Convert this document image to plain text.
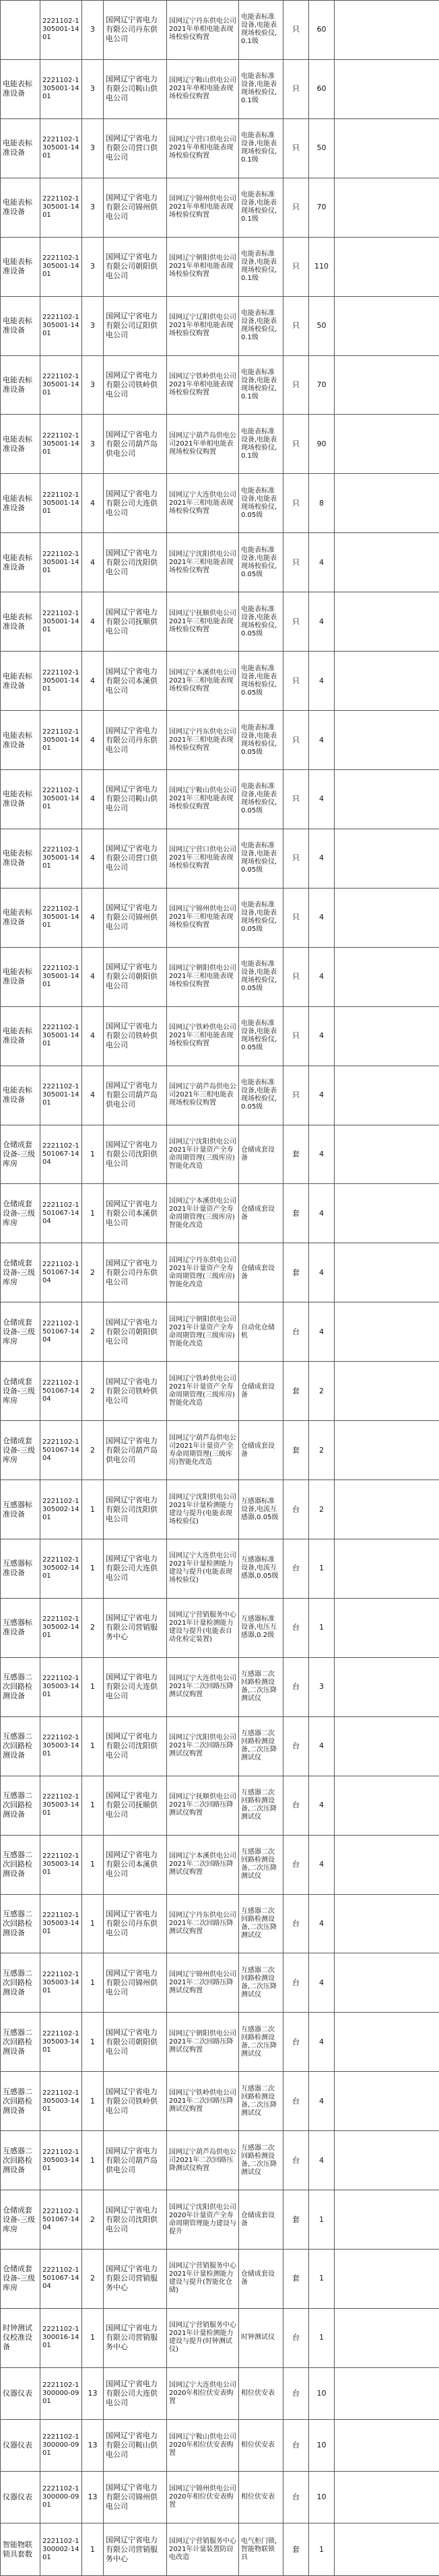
	2221102-1305001-1401	3	国网辽宁省电力有限公司丹东供电公司	国网辽宁丹东供电公司2021年单相电能表现场校验仪购置	电能表标准设备,电能表现场校验仪,0.1级	只	60	
电能表标准设备	2221102-1305001-1401	3	国网辽宁省电力有限公司鞍山供电公司	国网辽宁鞍山供电公司2021年单相电能表现场校验仪购置	电能表标准设备,电能表现场校验仪,0.1级	只	60	
电能表标准设备	2221102-1305001-1401	3	国网辽宁省电力有限公司营口供电公司	国网辽宁营口供电公司2021年单相电能表现场校验仪购置	电能表标准设备,电能表现场校验仪,0.1级	只	50	
电能表标准设备	2221102-1305001-1401	3	国网辽宁省电力有限公司锦州供电公司	国网辽宁锦州供电公司2021年单相电能表现场校验仪购置	电能表标准设备,电能表现场校验仪,0.1级	只	70	
电能表标准设备	2221102-1305001-1401	3	国网辽宁省电力有限公司朝阳供电公司	国网辽宁朝阳供电公司2021年单相电能表现场校验仪购置	电能表标准设备,电能表现场校验仪,0.1级	只	110	
电能表标准设备	2221102-1305001-1401	3	国网辽宁省电力有限公司辽阳供电公司	国网辽宁辽阳供电公司2021年单相电能表现场校验仪购置	电能表标准设备,电能表现场校验仪,0.1级	只	50	
电能表标准设备	2221102-1305001-1401	3	国网辽宁省电力有限公司铁岭供电公司	国网辽宁铁岭供电公司2021年单相电能表现场校验仪购置	电能表标准设备,电能表现场校验仪,0.1级	只	70	
电能表标准设备	2221102-1305001-1401	3	国网辽宁省电力有限公司葫芦岛供电公司	国网辽宁葫芦岛供电公司2021年单相电能表现场校验仪购置	电能表标准设备,电能表现场校验仪,0.1级	只	90	
电能表标准设备	2221102-1305001-1401	4	国网辽宁省电力有限公司大连供电公司	国网辽宁大连供电公司2021年三相电能表现场校验仪购置	电能表标准设备,电能表现场校验仪,0.05级	只	8	
电能表标准设备	2221102-1305001-1401	4	国网辽宁省电力有限公司沈阳供电公司	国网辽宁沈阳供电公司2021年三相电能表现场校验仪购置	电能表标准设备,电能表现场校验仪,0.05级	只	4	
电能表标准设备	2221102-1305001-1401	4	国网辽宁省电力有限公司抚顺供电公司	国网辽宁抚顺供电公司2021年三相电能表现场校验仪购置	电能表标准设备,电能表现场校验仪,0.05级	只	4	
电能表标准设备	2221102-1305001-1401	4	国网辽宁省电力有限公司本溪供电公司	国网辽宁本溪供电公司2021年三相电能表现场校验仪购置	电能表标准设备,电能表现场校验仪,0.05级	只	4	
电能表标准设备	2221102-1305001-1401	4	国网辽宁省电力有限公司丹东供电公司	国网辽宁丹东供电公司2021年三相电能表现场校验仪购置	电能表标准设备,电能表现场校验仪,0.05级	只	4	
电能表标准设备	2221102-1305001-1401	4	国网辽宁省电力有限公司鞍山供电公司	国网辽宁鞍山供电公司2021年三相电能表现场校验仪购置	电能表标准设备,电能表现场校验仪,0.05级	只	4	
电能表标准设备	2221102-1305001-1401	4	国网辽宁省电力有限公司营口供电公司	国网辽宁营口供电公司2021年三相电能表现场校验仪购置	电能表标准设备,电能表现场校验仪,0.05级	只	4	
电能表标准设备	2221102-1305001-1401	4	国网辽宁省电力有限公司锦州供电公司	国网辽宁锦州供电公司2021年三相电能表现场校验仪购置	电能表标准设备,电能表现场校验仪,0.05级	只	4	
电能表标准设备	2221102-1305001-1401	4	国网辽宁省电力有限公司朝阳供电公司	国网辽宁朝阳供电公司2021年三相电能表现场校验仪购置	电能表标准设备,电能表现场校验仪,0.05级	只	4	
电能表标准设备	2221102-1305001-1401	4	国网辽宁省电力有限公司铁岭供电公司	国网辽宁铁岭供电公司2021年三相电能表现场校验仪购置	电能表标准设备,电能表现场校验仪,0.05级	只	4	
电能表标准设备	2221102-1305001-1401	4	国网辽宁省电力有限公司葫芦岛供电公司	国网辽宁葫芦岛供电公司2021年三相电能表现场校验仪购置	电能表标准设备,电能表现场校验仪,0.05级	只	4	
仓储成套设备-三级库房	2221102-1501067-1404	1	国网辽宁省电力有限公司沈阳供电公司	国网辽宁沈阳供电公司2021年计量资产全寿命周期管理(三级库房)智能化改造	仓储成套设备	套	4	
仓储成套设备-三级库房	2221102-1501067-1404	1	国网辽宁省电力有限公司本溪供电公司	国网辽宁本溪供电公司2021年计量资产全寿命周期管理(三级库房)智能化改造	仓储成套设备	套	4	
仓储成套设备-三级库房	2221102-1501067-1404	2	国网辽宁省电力有限公司丹东供电公司	国网辽宁丹东供电公司2021年计量资产全寿命周期管理(三级库房)智能化改造	仓储成套设备	套	4	
仓储成套设备-三级库房	2221102-1501067-1404	2	国网辽宁省电力有限公司朝阳供电公司	国网辽宁朝阳供电公司2021年计量资产全寿命周期管理(三级库房)智能化改造	自动化仓储机	台	4	
仓储成套设备-三级库房	2221102-1501067-1404	2	国网辽宁省电力有限公司铁岭供电公司	国网辽宁铁岭供电公司2021年计量资产全寿命周期管理(三级库房)智能化改造	仓储成套设备	套	2	
仓储成套设备-三级库房	2221102-1501067-1404	2	国网辽宁省电力有限公司葫芦岛供电公司	国网辽宁葫芦岛供电公司2021年计量资产全寿命周期管理(三级库房)智能化改造	仓储成套设备	套	2	
互感器标准设备	2221102-1305002-1401	1	国网辽宁省电力有限公司沈阳供电公司	国网辽宁沈阳供电公司2021年计量检测能力建设与提升(电能表现场校验仪)	互感器标准设备,电流互感器,0.05级	台	2	
互感器标准设备	2221102-1305002-1401	1	国网辽宁省电力有限公司大连供电公司	国网辽宁大连供电公司2021年计量检测能力建设与提升(电能表现场校验仪)	互感器标准设备,电流互感器,0.05级	台	1	
互感器标准设备	2221102-1305002-1401	2	国网辽宁省电力有限公司营销服务中心	国网辽宁营销服务中心2021年计量检测能力建设与提升(电能表自动化检定装置)	互感器标准设备,电压互感器,0.2级	台	1	
互感器二次回路检测设备	2221102-1305003-1401	1	国网辽宁省电力有限公司大连供电公司	国网辽宁大连供电公司2021年二次回路压降测试仪购置	互感器二次回路检测设备,二次压降测试仪	台	3	
互感器二次回路检测设备	2221102-1305003-1401	1	国网辽宁省电力有限公司沈阳供电公司	国网辽宁沈阳供电公司2021年二次回路压降测试仪购置	互感器二次回路检测设备,二次压降测试仪	台	4	
互感器二次回路检测设备	2221102-1305003-1401	1	国网辽宁省电力有限公司抚顺供电公司	国网辽宁抚顺供电公司2021年二次回路压降测试仪购置	互感器二次回路检测设备,二次压降测试仪	台	4	
互感器二次回路检测设备	2221102-1305003-1401	1	国网辽宁省电力有限公司本溪供电公司	国网辽宁本溪供电公司2021年二次回路压降测试仪购置	互感器二次回路检测设备,二次压降测试仪	台	4	
互感器二次回路检测设备	2221102-1305003-1401	1	国网辽宁省电力有限公司丹东供电公司	国网辽宁丹东供电公司2021年二次回路压降测试仪购置	互感器二次回路检测设备,二次压降测试仪	台	4	
互感器二次回路检测设备	2221102-1305003-1401	1	国网辽宁省电力有限公司锦州供电公司	国网辽宁锦州供电公司2021年二次回路压降测试仪购置	互感器二次回路检测设备,二次压降测试仪	台	4	
互感器二次回路检测设备	2221102-1305003-1401	1	国网辽宁省电力有限公司朝阳供电公司	国网辽宁朝阳供电公司2021年二次回路压降测试仪购置	互感器二次回路检测设备,二次压降测试仪	台	4	
互感器二次回路检测设备	2221102-1305003-1401	1	国网辽宁省电力有限公司铁岭供电公司	国网辽宁铁岭供电公司2021年二次回路压降测试仪购置	互感器二次回路检测设备,二次压降测试仪	台	4	
互感器二次回路检测设备	2221102-1305003-1401	1	国网辽宁省电力有限公司葫芦岛供电公司	国网辽宁葫芦岛供电公司2021年二次回路压降测试仪购置	互感器二次回路检测设备,二次压降测试仪	台	4	
仓储成套设备-三级库房	2221102-1501067-1404	2	国网辽宁省电力有限公司沈阳供电公司	国网辽宁沈阳供电公司2020年计量资产全寿命周期管理能力建设与提升	仓储成套设备	套	1	
仓储成套设备-三级库房	2221102-1501067-1404	2	国网辽宁省电力有限公司营销服务中心	国网辽宁营销服务中心2021年计量检测能力建设与提升(智能化仓储)	仓储成套设备	套	1	
时钟测试仪校准设备	2221102-1300016-1401	1	国网辽宁省电力有限公司营销服务中心	国网辽宁营销服务中心2021年计量检测能力建设与提升(时钟测试仪)	时钟测试仪	台	1	
仪器仪表	2221102-1300000-0901	13	国网辽宁省电力有限公司大连供电公司	国网辽宁大连供电公司2020年相位伏安表购置	相位伏安表	台	10	
仪器仪表	2221102-1300000-0901	13	国网辽宁省电力有限公司鞍山供电公司	国网辽宁鞍山供电公司2020年相位伏安表购置	相位伏安表	台	10	
仪器仪表	2221102-1300000-0901	13	国网辽宁省电力有限公司锦州供电公司	国网辽宁锦州供电公司2020年相位伏安表购置	相位伏安表	台	10	
智能物联锁具套数	2221102-1300002-1401	1	国网辽宁省电力有限公司营销服务中心	国网辽宁营销服务中心2021年计量装置防窃电改造	电气柜门锁,智能物联锁具	套	1	
